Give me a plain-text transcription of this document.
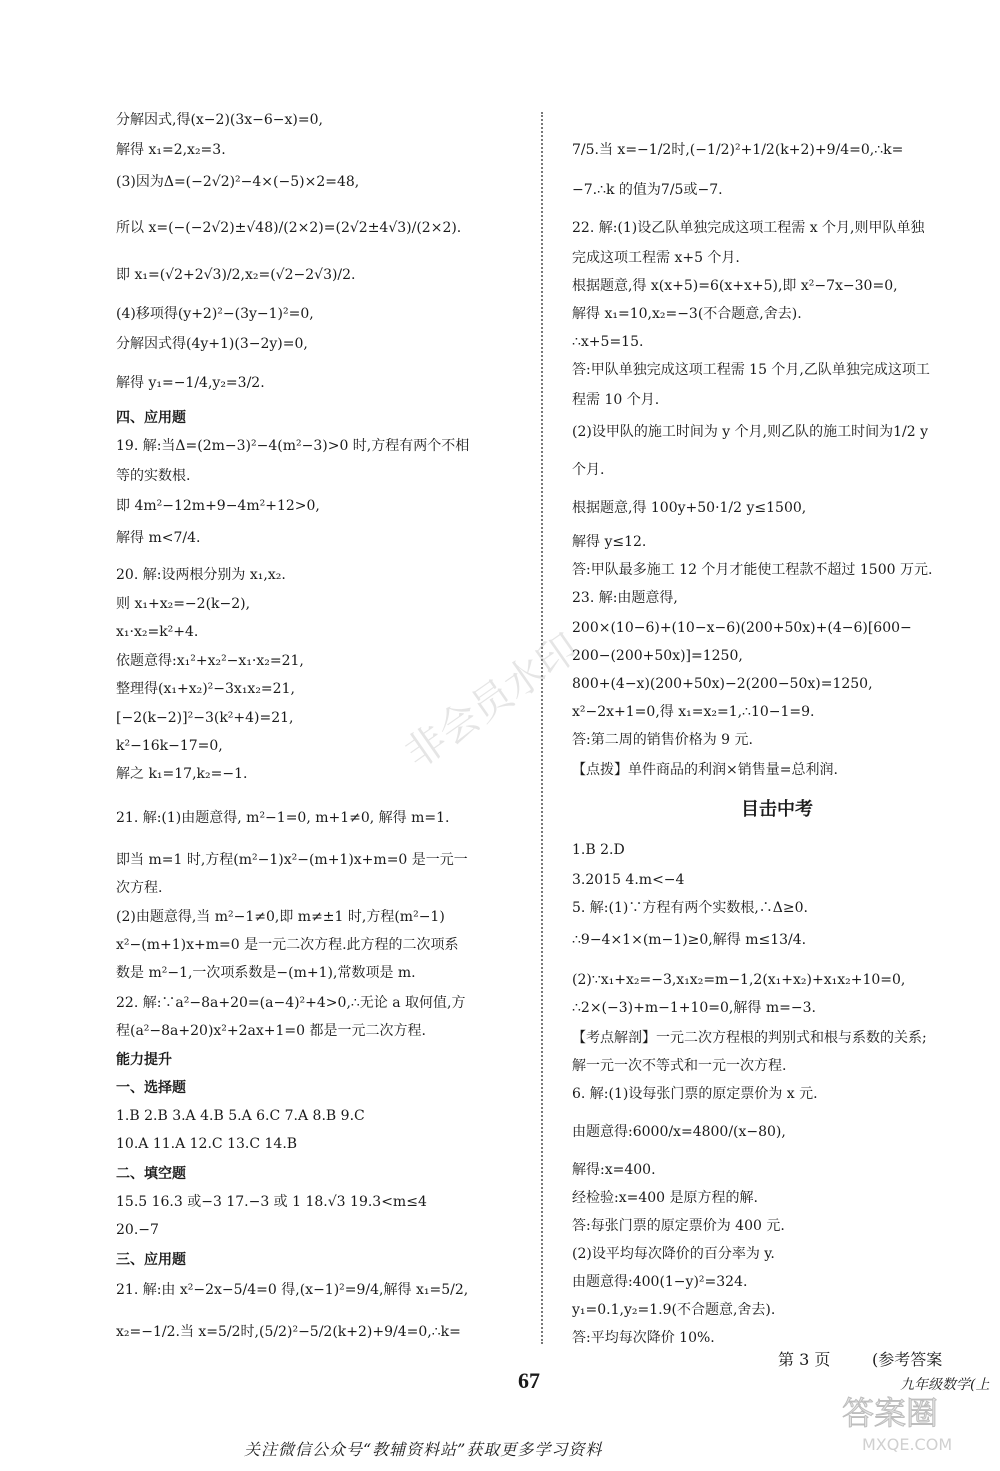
分解因式,得(x−2)(3x−6−x)=0,

解得 x₁=2,x₂=3.

(3)因为Δ=(−2√2)²−4×(−5)×2=48,

所以 x=(−(−2√2)±√48)/(2×2)=(2√2±4√3)/(2×2).

即 x₁=(√2+2√3)/2,x₂=(√2−2√3)/2.

(4)移项得(y+2)²−(3y−1)²=0,

分解因式得(4y+1)(3−2y)=0,

解得 y₁=−1/4,y₂=3/2.

四、应用题

19. 解:当Δ=(2m−3)²−4(m²−3)>0 时,方程有两个不相

等的实数根.

即 4m²−12m+9−4m²+12>0,

解得 m<7/4.

20. 解:设两根分别为 x₁,x₂.

则 x₁+x₂=−2(k−2),

x₁·x₂=k²+4.

依题意得:x₁²+x₂²−x₁·x₂=21,

整理得(x₁+x₂)²−3x₁x₂=21,

[−2(k−2)]²−3(k²+4)=21,

k²−16k−17=0,

解之 k₁=17,k₂=−1.

21. 解:(1)由题意得, m²−1=0, m+1≠0, 解得 m=1.

即当 m=1 时,方程(m²−1)x²−(m+1)x+m=0 是一元一

次方程.

(2)由题意得,当 m²−1≠0,即 m≠±1 时,方程(m²−1)

x²−(m+1)x+m=0 是一元二次方程.此方程的二次项系

数是 m²−1,一次项系数是−(m+1),常数项是 m.

22. 解:∵a²−8a+20=(a−4)²+4>0,∴无论 a 取何值,方

程(a²−8a+20)x²+2ax+1=0 都是一元二次方程.

能力提升

一、选择题

1.B 2.B 3.A 4.B 5.A 6.C 7.A 8.B 9.C

10.A 11.A 12.C 13.C 14.B

二、填空题

15.5 16.3 或−3 17.−3 或 1 18.√3 19.3<m≤4

20.−7

三、应用题

21. 解:由 x²−2x−5/4=0 得,(x−1)²=9/4,解得 x₁=5/2,

x₂=−1/2.当 x=5/2时,(5/2)²−5/2(k+2)+9/4=0,∴k=

7/5.当 x=−1/2时,(−1/2)²+1/2(k+2)+9/4=0,∴k=

−7.∴k 的值为7/5或−7.

22. 解:(1)设乙队单独完成这项工程需 x 个月,则甲队单独

完成这项工程需 x+5 个月.

根据题意,得 x(x+5)=6(x+x+5),即 x²−7x−30=0,

解得 x₁=10,x₂=−3(不合题意,舍去).

∴x+5=15.

答:甲队单独完成这项工程需 15 个月,乙队单独完成这项工

程需 10 个月.

(2)设甲队的施工时间为 y 个月,则乙队的施工时间为1/2 y

个月.

根据题意,得 100y+50·1/2 y≤1500,

解得 y≤12.

答:甲队最多施工 12 个月才能使工程款不超过 1500 万元.

23. 解:由题意得,

200×(10−6)+(10−x−6)(200+50x)+(4−6)[600−

200−(200+50x)]=1250,

800+(4−x)(200+50x)−2(200−50x)=1250,

x²−2x+1=0,得 x₁=x₂=1,∴10−1=9.

答:第二周的销售价格为 9 元.

【点拨】单件商品的利润×销售量=总利润.

目击中考

1.B 2.D

3.2015 4.m<−4

5. 解:(1)∵方程有两个实数根,∴Δ≥0.

∴9−4×1×(m−1)≥0,解得 m≤13/4.

(2)∵x₁+x₂=−3,x₁x₂=m−1,2(x₁+x₂)+x₁x₂+10=0,

∴2×(−3)+m−1+10=0,解得 m=−3.

【考点解剖】一元二次方程根的判别式和根与系数的关系;

解一元一次不等式和一元一次方程.

6. 解:(1)设每张门票的原定票价为 x 元.

由题意得:6000/x=4800/(x−80),

解得:x=400.

经检验:x=400 是原方程的解.

答:每张门票的原定票价为 400 元.

(2)设平均每次降价的百分率为 y.

由题意得:400(1−y)²=324.

y₁=0.1,y₂=1.9(不合题意,舍去).

答:平均每次降价 10%.

非会员水印
67
第 3 页	(参考答案
九年级数学(上
答案圈
MXQE.COM
关注微信公众号“教辅资料站”获取更多学习资料
